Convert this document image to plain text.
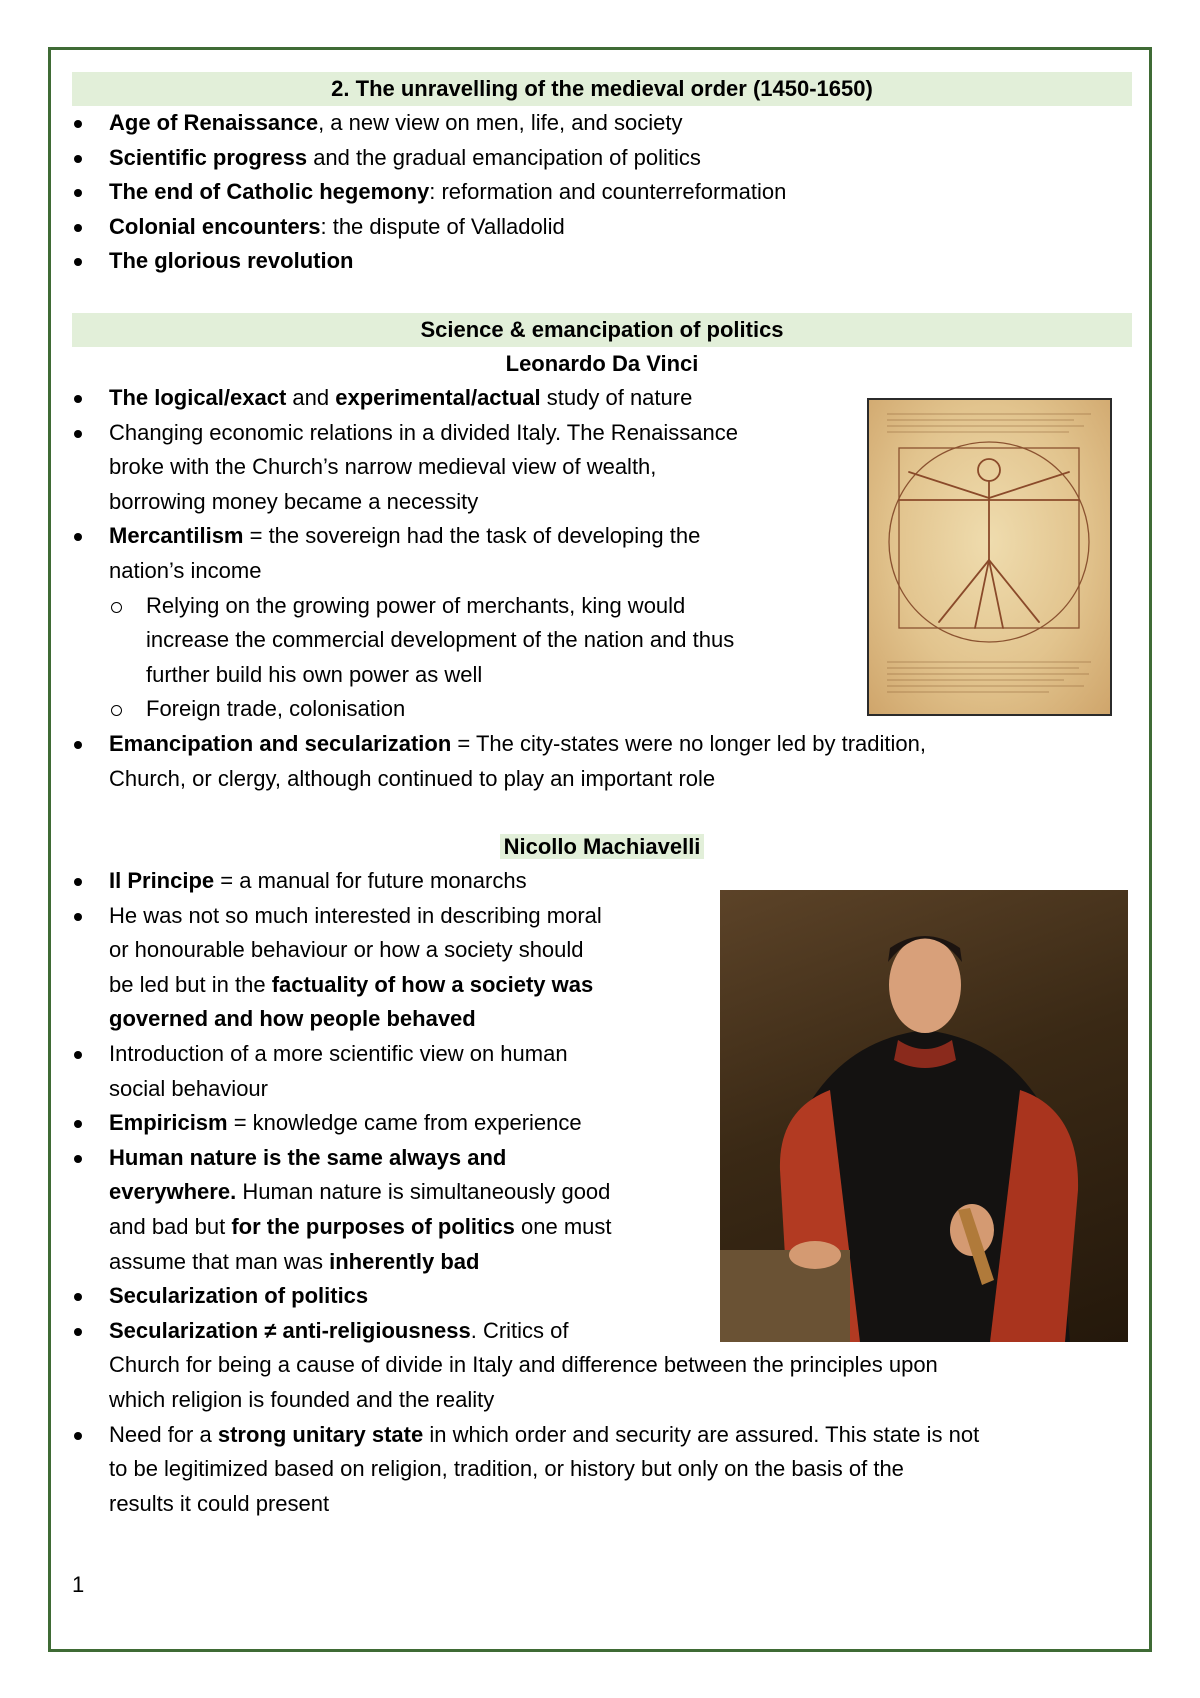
2. The unravelling of the medieval order (1450-1650)
Age of Renaissance, a new view on men, life, and society
Scientific progress and the gradual emancipation of politics
The end of Catholic hegemony: reformation and counterreformation
Colonial encounters: the dispute of Valladolid
The glorious revolution
Science & emancipation of politics
Leonardo Da Vinci
The logical/exact and experimental/actual study of nature
Changing economic relations in a divided Italy. The Renaissance
broke with the Church’s narrow medieval view of wealth,
borrowing money became a necessity
Mercantilism = the sovereign had the task of developing the
nation’s income
Relying on the growing power of merchants, king would
increase the commercial development of the nation and thus
further build his own power as well
Foreign trade, colonisation
Emancipation and secularization = The city-states were no longer led by tradition,
Church, or clergy, although continued to play an important role
Nicollo Machiavelli
Il Principe = a manual for future monarchs
He was not so much interested in describing moral
or honourable behaviour or how a society should
be led but in the factuality of how a society was
governed and how people behaved
Introduction of a more scientific view on human
social behaviour
Empiricism = knowledge came from experience
Human nature is the same always and
everywhere. Human nature is simultaneously good
and bad but for the purposes of politics one must
assume that man was inherently bad
Secularization of politics
Secularization ≠ anti-religiousness. Critics of
Church for being a cause of divide in Italy and difference between the principles upon
which religion is founded and the reality
Need for a strong unitary state in which order and security are assured. This state is not
to be legitimized based on religion, tradition, or history but only on the basis of the
results it could present
1
